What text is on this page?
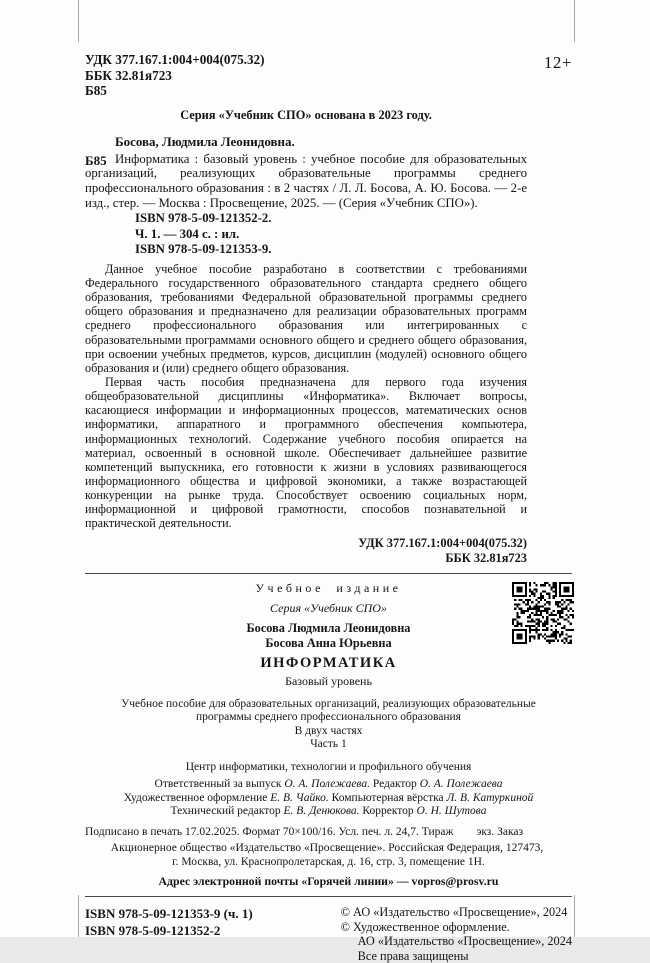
12+
УДК 377.167.1:004+004(075.32)
ББК 32.81я723
Б85

Серия «Учебник СПО» основана в 2023 году.

Босова, Людмила Леонидовна.

Б85 Информатика : базовый уровень : учебное пособие для образовательных организаций, реализующих образовательные программы среднего профессионального образования : в 2 частях / Л. Л. Босова, А. Ю. Босова. — 2-е изд., стер. — Москва : Просвещение, 2025. — (Серия «Учебник СПО»).

ISBN 978-5-09-121352-2.

Ч. 1. — 304 с. : ил.

ISBN 978-5-09-121353-9.

Данное учебное пособие разработано в соответствии с требованиями Федерального государственного образовательного стандарта среднего общего образования, требованиями Федеральной образовательной программы среднего общего образования и предназначено для реализации образовательных программ среднего профессионального образования или интегрированных с образовательными программами основного общего и среднего общего образования, при освоении учебных предметов, курсов, дисциплин (модулей) основного общего образования и (или) среднего общего образования.

Первая часть пособия предназначена для первого года изучения общеобразовательной дисциплины «Информатика». Включает вопросы, касающиеся информации и информационных процессов, математических основ информатики, аппаратного и программного обеспечения компьютера, информационных технологий. Содержание учебного пособия опирается на материал, освоенный в основной школе. Обеспечивает дальнейшее развитие компетенций выпускника, его готовности к жизни в условиях развивающегося информационного общества и цифровой экономики, а также возрастающей конкуренции на рынке труда. Способствует освоению социальных норм, информационной и цифровой грамотности, способов познавательной и практической деятельности.

УДК 377.167.1:004+004(075.32)
ББК 32.81я723

Учебное издание

Серия «Учебник СПО»

Босова Людмила Леонидовна

Босова Анна Юрьевна

ИНФОРМАТИКА

Базовый уровень

Учебное пособие для образовательных организаций, реализующих образовательные программы среднего профессионального образования

В двух частях

Часть 1

Центр информатики, технологии и профильного обучения

Ответственный за выпуск О. А. Полежаева. Редактор О. А. Полежаева

Художественное оформление Е. В. Чайко. Компьютерная вёрстка Л. В. Катуркиной

Технический редактор Е. В. Денюкова. Корректор О. Н. Шутова

Подписано в печать 17.02.2025. Формат 70×100/16. Усл. печ. л. 24,7. Тираж        экз. Заказ

Акционерное общество «Издательство «Просвещение». Российская Федерация, 127473,  г. Москва, ул. Краснопролетарская, д. 16, стр. 3, помещение 1Н.

Адрес электронной почты «Горячей линии» — vopros@prosv.ru

ISBN 978-5-09-121353-9 (ч. 1)
ISBN 978-5-09-121352-2
© АО «Издательство «Просвещение», 2024
© Художественное оформление.
АО «Издательство «Просвещение», 2024
Все права защищены
